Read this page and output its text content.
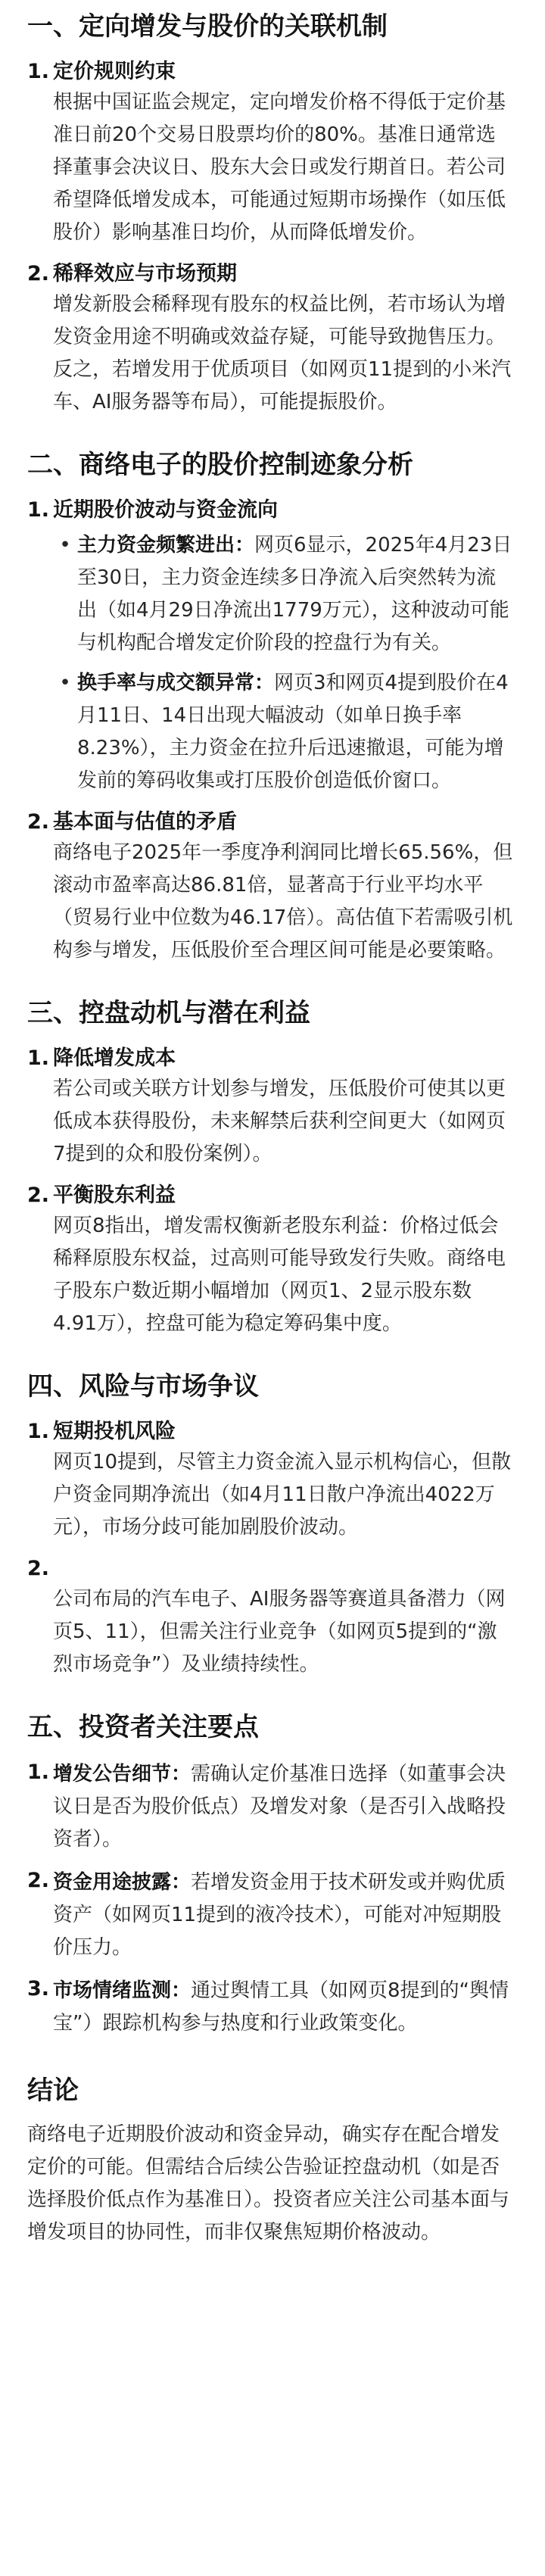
一、定向增发与股价的关联机制
1. 定价规则约束
根据中国证监会规定，定向增发价格不得低于定价基准日前20个交易日股票均价的80%。基准日通常选择董事会决议日、股东大会日或发行期首日。若公司希望降低增发成本，可能通过短期市场操作（如压低股价）影响基准日均价，从而降低增发价。
2. 稀释效应与市场预期
增发新股会稀释现有股东的权益比例，若市场认为增发资金用途不明确或效益存疑，可能导致抛售压力。反之，若增发用于优质项目（如网页11提到的小米汽车、AI服务器等布局），可能提振股价。
二、商络电子的股价控制迹象分析
1. 近期股价波动与资金流向
• 主力资金频繁进出：网页6显示，2025年4月23日至30日，主力资金连续多日净流入后突然转为流出（如4月29日净流出1779万元），这种波动可能与机构配合增发定价阶段的控盘行为有关。
• 换手率与成交额异常：网页3和网页4提到股价在4月11日、14日出现大幅波动（如单日换手率8.23%），主力资金在拉升后迅速撤退，可能为增发前的筹码收集或打压股价创造低价窗口。
2. 基本面与估值的矛盾
商络电子2025年一季度净利润同比增长65.56%，但滚动市盈率高达86.81倍，显著高于行业平均水平（贸易行业中位数为46.17倍）。高估值下若需吸引机构参与增发，压低股价至合理区间可能是必要策略。
三、控盘动机与潜在利益
1. 降低增发成本
若公司或关联方计划参与增发，压低股价可使其以更低成本获得股份，未来解禁后获利空间更大（如网页7提到的众和股份案例）。
2. 平衡股东利益
网页8指出，增发需权衡新老股东利益：价格过低会稀释原股东权益，过高则可能导致发行失败。商络电子股东户数近期小幅增加（网页1、2显示股东数4.91万），控盘可能为稳定筹码集中度。
四、风险与市场争议
1. 短期投机风险
网页10提到，尽管主力资金流入显示机构信心，但散户资金同期净流出（如4月11日散户净流出4022万元），市场分歧可能加剧股价波动。
2.
公司布局的汽车电子、AI服务器等赛道具备潜力（网页5、11），但需关注行业竞争（如网页5提到的“激烈市场竞争”）及业绩持续性。
五、投资者关注要点
1. 增发公告细节：需确认定价基准日选择（如董事会决议日是否为股价低点）及增发对象（是否引入战略投资者）。
2. 资金用途披露：若增发资金用于技术研发或并购优质资产（如网页11提到的液冷技术），可能对冲短期股价压力。
3. 市场情绪监测：通过舆情工具（如网页8提到的“舆情宝”）跟踪机构参与热度和行业政策变化。
结论
商络电子近期股价波动和资金异动，确实存在配合增发定价的可能。但需结合后续公告验证控盘动机（如是否选择股价低点作为基准日）。投资者应关注公司基本面与增发项目的协同性，而非仅聚焦短期价格波动。
